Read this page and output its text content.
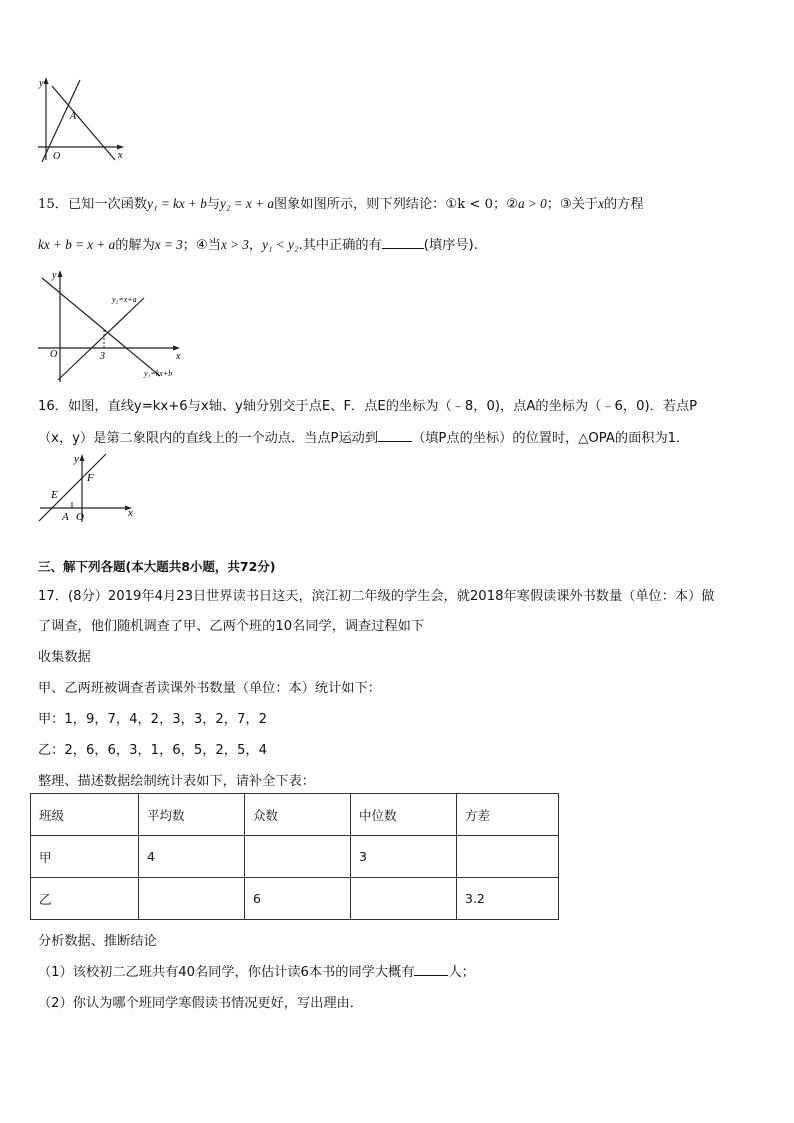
y
x
O
A
15．已知一次函数y₁ = kx + b与y₂ = x + a图象如图所示，则下列结论：①k < 0；②a > 0；③关于x的方程
kx + b = x + a的解为x = 3；④当x > 3，y₁ < y₂.其中正确的有	(填序号).
y
x
O	3
y₂=x+a
y₁=kx+b
16．如图，直线y=kx+6与x轴、y轴分别交于点E、F．点E的坐标为（﹣8，0)，点A的坐标为（﹣6，0)．若点P
（x，y）是第二象限内的直线上的一个动点．当点P运动到	（填P点的坐标）的位置时，△OPA的面积为1．
y
x
E
F
A O
三、解下列各题(本大题共8小题，共72分)
17．(8分）2019年4月23日世界读书日这天，滨江初二年级的学生会，就2018年寒假读课外书数量（单位：本）做
了调查，他们随机调查了甲、乙两个班的10名同学，调查过程如下
收集数据
甲、乙两班被调查者读课外书数量（单位：本）统计如下：
甲：1，9，7，4，2，3，3，2，7，2
乙：2，6，6，3，1，6，5，2，5，4
整理、描述数据绘制统计表如下，请补全下表：
班级	平均数	众数	中位数	方差
甲	4		3	
乙		6		3.2
分析数据、推断结论
（1）该校初二乙班共有40名同学，你估计读6本书的同学大概有	人；
（2）你认为哪个班同学寒假读书情况更好，写出理由．
